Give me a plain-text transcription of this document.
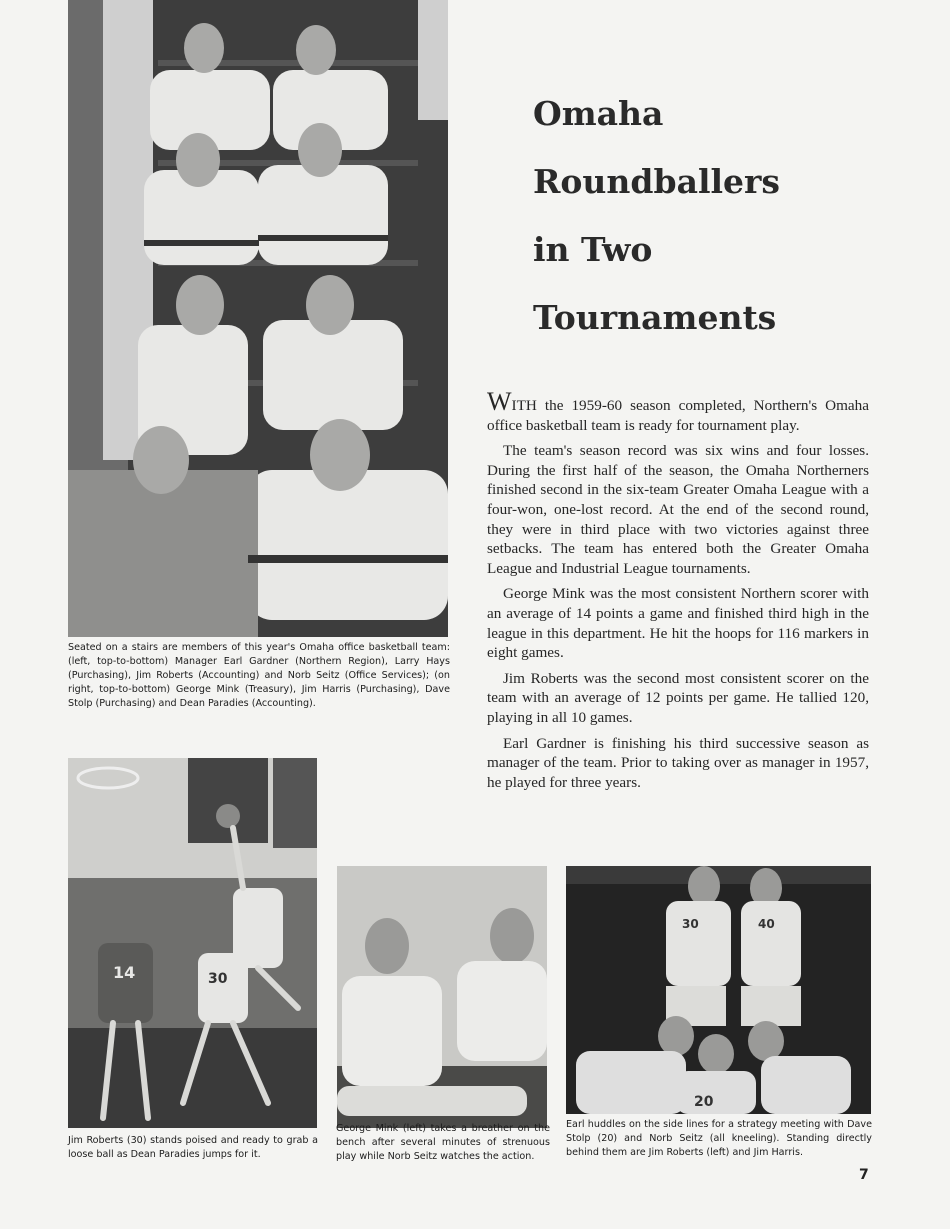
Seated on a stairs are members of this year's Omaha office basketball team: (left, top-to-bottom) Manager Earl Gardner (Northern Region), Larry Hays (Purchasing), Jim Roberts (Accounting) and Norb Seitz (Office Services); (on right, top-to-bottom) George Mink (Treasury), Jim Harris (Purchasing), Dave Stolp (Purchasing) and Dean Paradies (Accounting).
Omaha
Roundballers
in Two
Tournaments

WITH the 1959-60 season completed, Northern's Omaha office basketball team is ready for tournament play.

The team's season record was six wins and four losses. During the first half of the season, the Omaha Northerners finished second in the six-team Greater Omaha League with a four-won, one-lost record. At the end of the second round, they were in third place with two victories against three setbacks. The team has entered both the Greater Omaha League and Industrial League tournaments.

George Mink was the most consistent Northern scorer with an average of 14 points a game and finished third high in the league in this department. He hit the hoops for 116 markers in eight games.

Jim Roberts was the second most consistent scorer on the team with an average of 12 points per game. He tallied 120, playing in all 10 games.

Earl Gardner is finishing his third successive season as manager of the team. Prior to taking over as manager in 1957, he played for three years.

14	30
Jim Roberts (30) stands poised and ready to grab a loose ball as Dean Paradies jumps for it.
George Mink (left) takes a breather on the bench after several minutes of strenuous play while Norb Seitz watches the action.
30	40
20
Earl huddles on the side lines for a strategy meeting with Dave Stolp (20) and Norb Seitz (all kneeling). Standing directly behind them are Jim Roberts (left) and Jim Harris.
7
